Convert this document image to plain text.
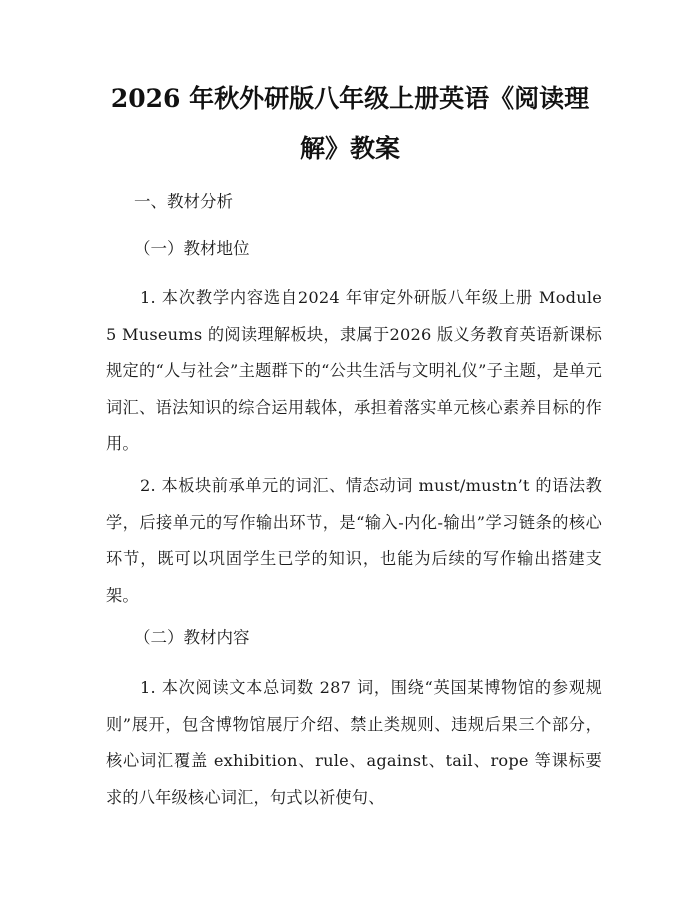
2026 年秋外研版八年级上册英语《阅读理
解》教案
一、教材分析
（一）教材地位
1. 本次教学内容选自2024 年审定外研版八年级上册 Module 5 Museums 的阅读理解板块，隶属于2026 版义务教育英语新课标规定的“人与社会”主题群下的“公共生活与文明礼仪”子主题，是单元词汇、语法知识的综合运用载体，承担着落实单元核心素养目标的作用。
2. 本板块前承单元的词汇、情态动词 must/mustn’t 的语法教学，后接单元的写作输出环节，是“输入-内化-输出”学习链条的核心环节，既可以巩固学生已学的知识，也能为后续的写作输出搭建支架。
（二）教材内容
1. 本次阅读文本总词数 287 词，围绕“英国某博物馆的参观规则”展开，包含博物馆展厅介绍、禁止类规则、违规后果三个部分，核心词汇覆盖 exhibition、rule、against、tail、rope 等课标要求的八年级核心词汇，句式以祈使句、
